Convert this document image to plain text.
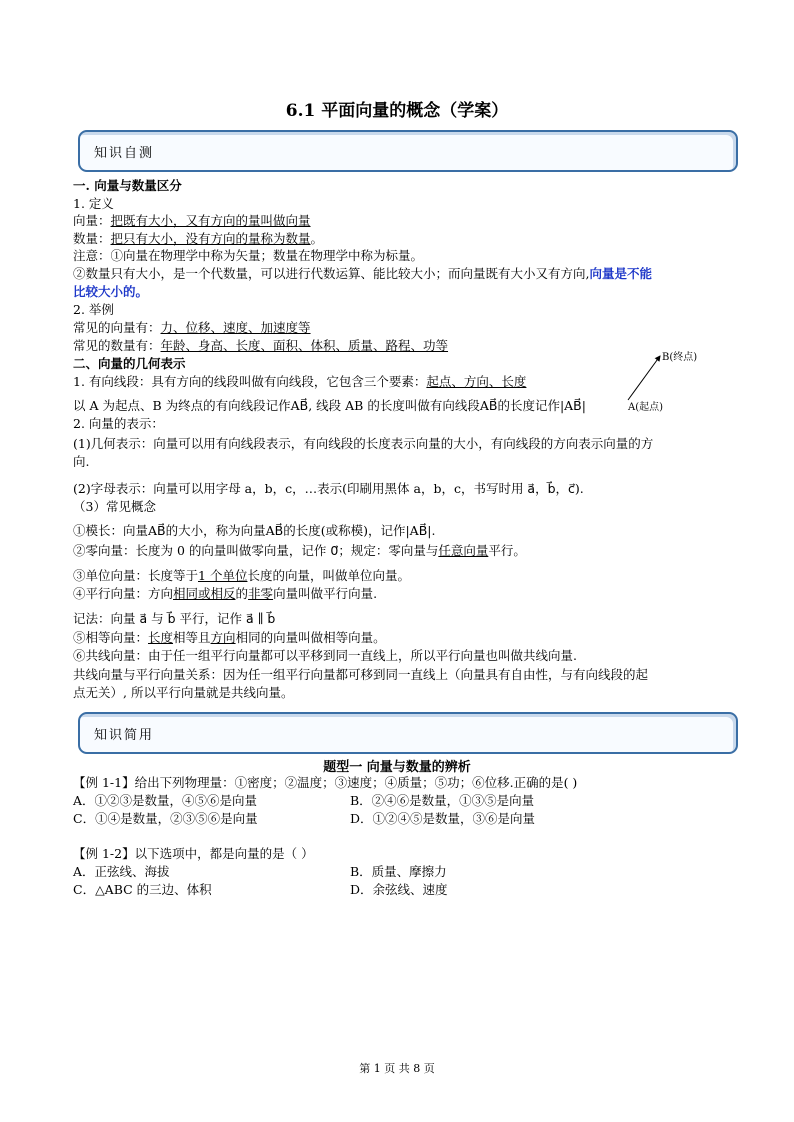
6.1 平面向量的概念（学案）
知识自测
一. 向量与数量区分
1. 定义
向量：把既有大小，又有方向的量叫做向量
数量：把只有大小，没有方向的量称为数量。
注意：①向量在物理学中称为矢量；数量在物理学中称为标量。
②数量只有大小，是一个代数量，可以进行代数运算、能比较大小；而向量既有大小又有方向,向量是不能
比较大小的。
2. 举例
常见的向量有：力、位移、速度、加速度等
常见的数量有：年龄、身高、长度、面积、体积、质量、路程、功等
二、向量的几何表示
1. 有向线段：具有方向的线段叫做有向线段，它包含三个要素：起点、方向、长度
以 A 为起点、B 为终点的有向线段记作AB⃗, 线段 AB 的长度叫做有向线段AB⃗的长度记作|AB⃗|
B(终点)
A(起点)
2. 向量的表示：
(1)几何表示：向量可以用有向线段表示，有向线段的长度表示向量的大小，有向线段的方向表示向量的方
向.
(2)字母表示：向量可以用字母 a，b，c，…表示(印刷用黑体 a，b，c，书写时用 a⃗，b⃗，c⃗).
（3）常见概念
①模长：向量AB⃗的大小，称为向量AB⃗的长度(或称模)，记作|AB⃗|.
②零向量：长度为 0 的向量叫做零向量，记作 0⃗；规定：零向量与任意向量平行。
③单位向量：长度等于1 个单位长度的向量，叫做单位向量。
④平行向量：方向相同或相反的非零向量叫做平行向量.
记法：向量 a⃗ 与 b⃗ 平行，记作 a⃗ ∥ b⃗
⑤相等向量：长度相等且方向相同的向量叫做相等向量。
⑥共线向量：由于任一组平行向量都可以平移到同一直线上，所以平行向量也叫做共线向量.
共线向量与平行向量关系：因为任一组平行向量都可移到同一直线上（向量具有自由性，与有向线段的起
点无关）, 所以平行向量就是共线向量。
知识简用
题型一 向量与数量的辨析
【例 1-1】给出下列物理量：①密度；②温度；③速度；④质量；⑤功；⑥位移.正确的是( )
A．①②③是数量，④⑤⑥是向量	B．②④⑥是数量，①③⑤是向量
C．①④是数量，②③⑤⑥是向量	D．①②④⑤是数量，③⑥是向量
【例 1-2】以下选项中，都是向量的是（ ）
A．正弦线、海拔	B．质量、摩擦力
C．△ABC 的三边、体积	D．余弦线、速度
第 1 页 共 8 页
